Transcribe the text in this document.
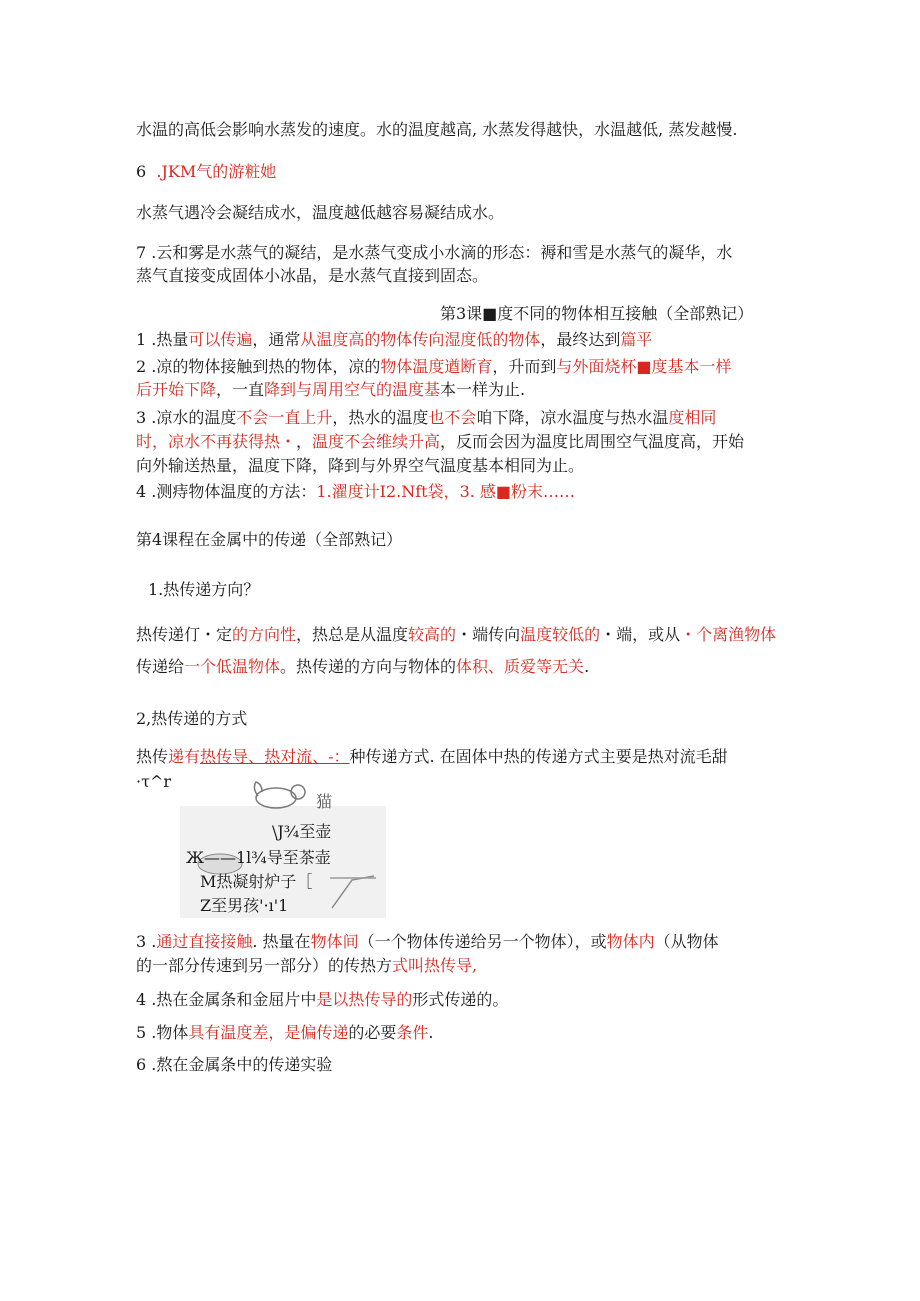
水温的高低会影响水蒸发的速度。水的温度越高, 水蒸发得越快，水温越低, 蒸发越慢.
6 .JKM气的游粧她
水蒸气遇冷会凝结成水，温度越低越容易凝结成水。
7 .云和雾是水蒸气的凝结，是水蒸气变成小水滴的形态：褥和雪是水蒸气的凝华，水
蒸气直接变成固体小冰晶，是水蒸气直接到固态。
第3课■度不同的物体相互接触（全部熟记）
1 .热量可以传遍，通常从温度高的物体传向湿度低的物体，最终达到篇平
2 .凉的物体接触到热的物体，凉的物体温度遒断育，升而到与外面烧杯■度基本一样
后开始下降，一直降到与周用空气的温度基本一样为止.
3 .凉水的温度不会一直上升，热水的温度也不会咱下降，凉水温度与热水温度相同
时，凉水不再获得热・，温度不会维续升高，反而会因为温度比周围空气温度高，开始
向外输送热量，温度下降，降到与外界空气温度基本相同为止。
4 .测痔物体温度的方法：1.濯度计I2.Nft袋，3. 感■粉末……
第4课程在金属中的传递（全部熟记）
1.热传递方向？
热传递仃・定的方向性，热总是从温度较高的・端传向温度较低的・端，或从・个离渔物体
传递给一个低温物体。热传递的方向与物体的体积、质爱等无关.
2,热传递的方式
热传递有热传导、热对流、-：种传递方式. 在固体中热的传递方式主要是热对流毛甜
·τ^r
猫
\J¾至壶
Ж——1l¾导至茶壶
M热凝射炉子［
Z至男孩'·ı'1
3 .通过直接接触. 热量在物体间（一个物体传递给另一个物体），或物体内（从物体
的一部分传速到另一部分）的传热方式叫热传导,
4 .热在金属条和金屈片中是以热传导的形式传递的。
5 .物体具有温度差，是偏传递的必要条件.
6 .熬在金属条中的传递实验
